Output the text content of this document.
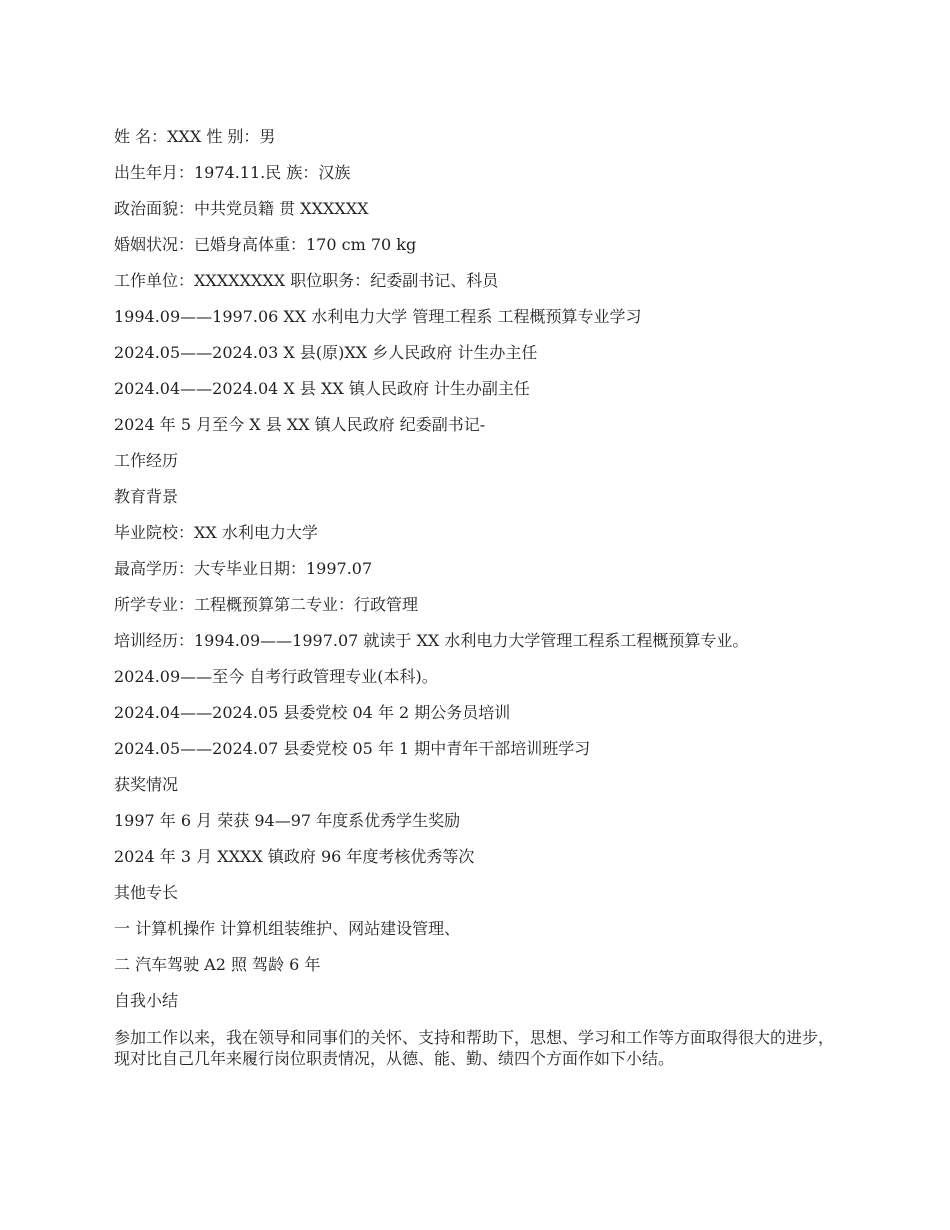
姓 名：XXX 性 别：男
出生年月：1974.11.民 族：汉族
政治面貌：中共党员籍 贯 XXXXXX
婚姻状况：已婚身高体重：170 cm 70 kg
工作单位：XXXXXXXX 职位职务：纪委副书记、科员
1994.09——1997.06 XX 水利电力大学 管理工程系 工程概预算专业学习
2024.05——2024.03 X 县(原)XX 乡人民政府 计生办主任
2024.04——2024.04 X 县 XX 镇人民政府 计生办副主任
2024 年 5 月至今 X 县 XX 镇人民政府 纪委副书记-
工作经历
教育背景
毕业院校：XX 水利电力大学
最高学历：大专毕业日期：1997.07
所学专业：工程概预算第二专业：行政管理
培训经历：1994.09——1997.07 就读于 XX 水利电力大学管理工程系工程概预算专业。
2024.09——至今 自考行政管理专业(本科)。
2024.04——2024.05 县委党校 04 年 2 期公务员培训
2024.05——2024.07 县委党校 05 年 1 期中青年干部培训班学习
获奖情况
1997 年 6 月 荣获 94—97 年度系优秀学生奖励
2024 年 3 月 XXXX 镇政府 96 年度考核优秀等次
其他专长
一 计算机操作 计算机组装维护、网站建设管理、
二 汽车驾驶 A2 照 驾龄 6 年
自我小结
参加工作以来，我在领导和同事们的关怀、支持和帮助下，思想、学习和工作等方面取得很大的进步，现对比自己几年来履行岗位职责情况，从德、能、勤、绩四个方面作如下小结。
